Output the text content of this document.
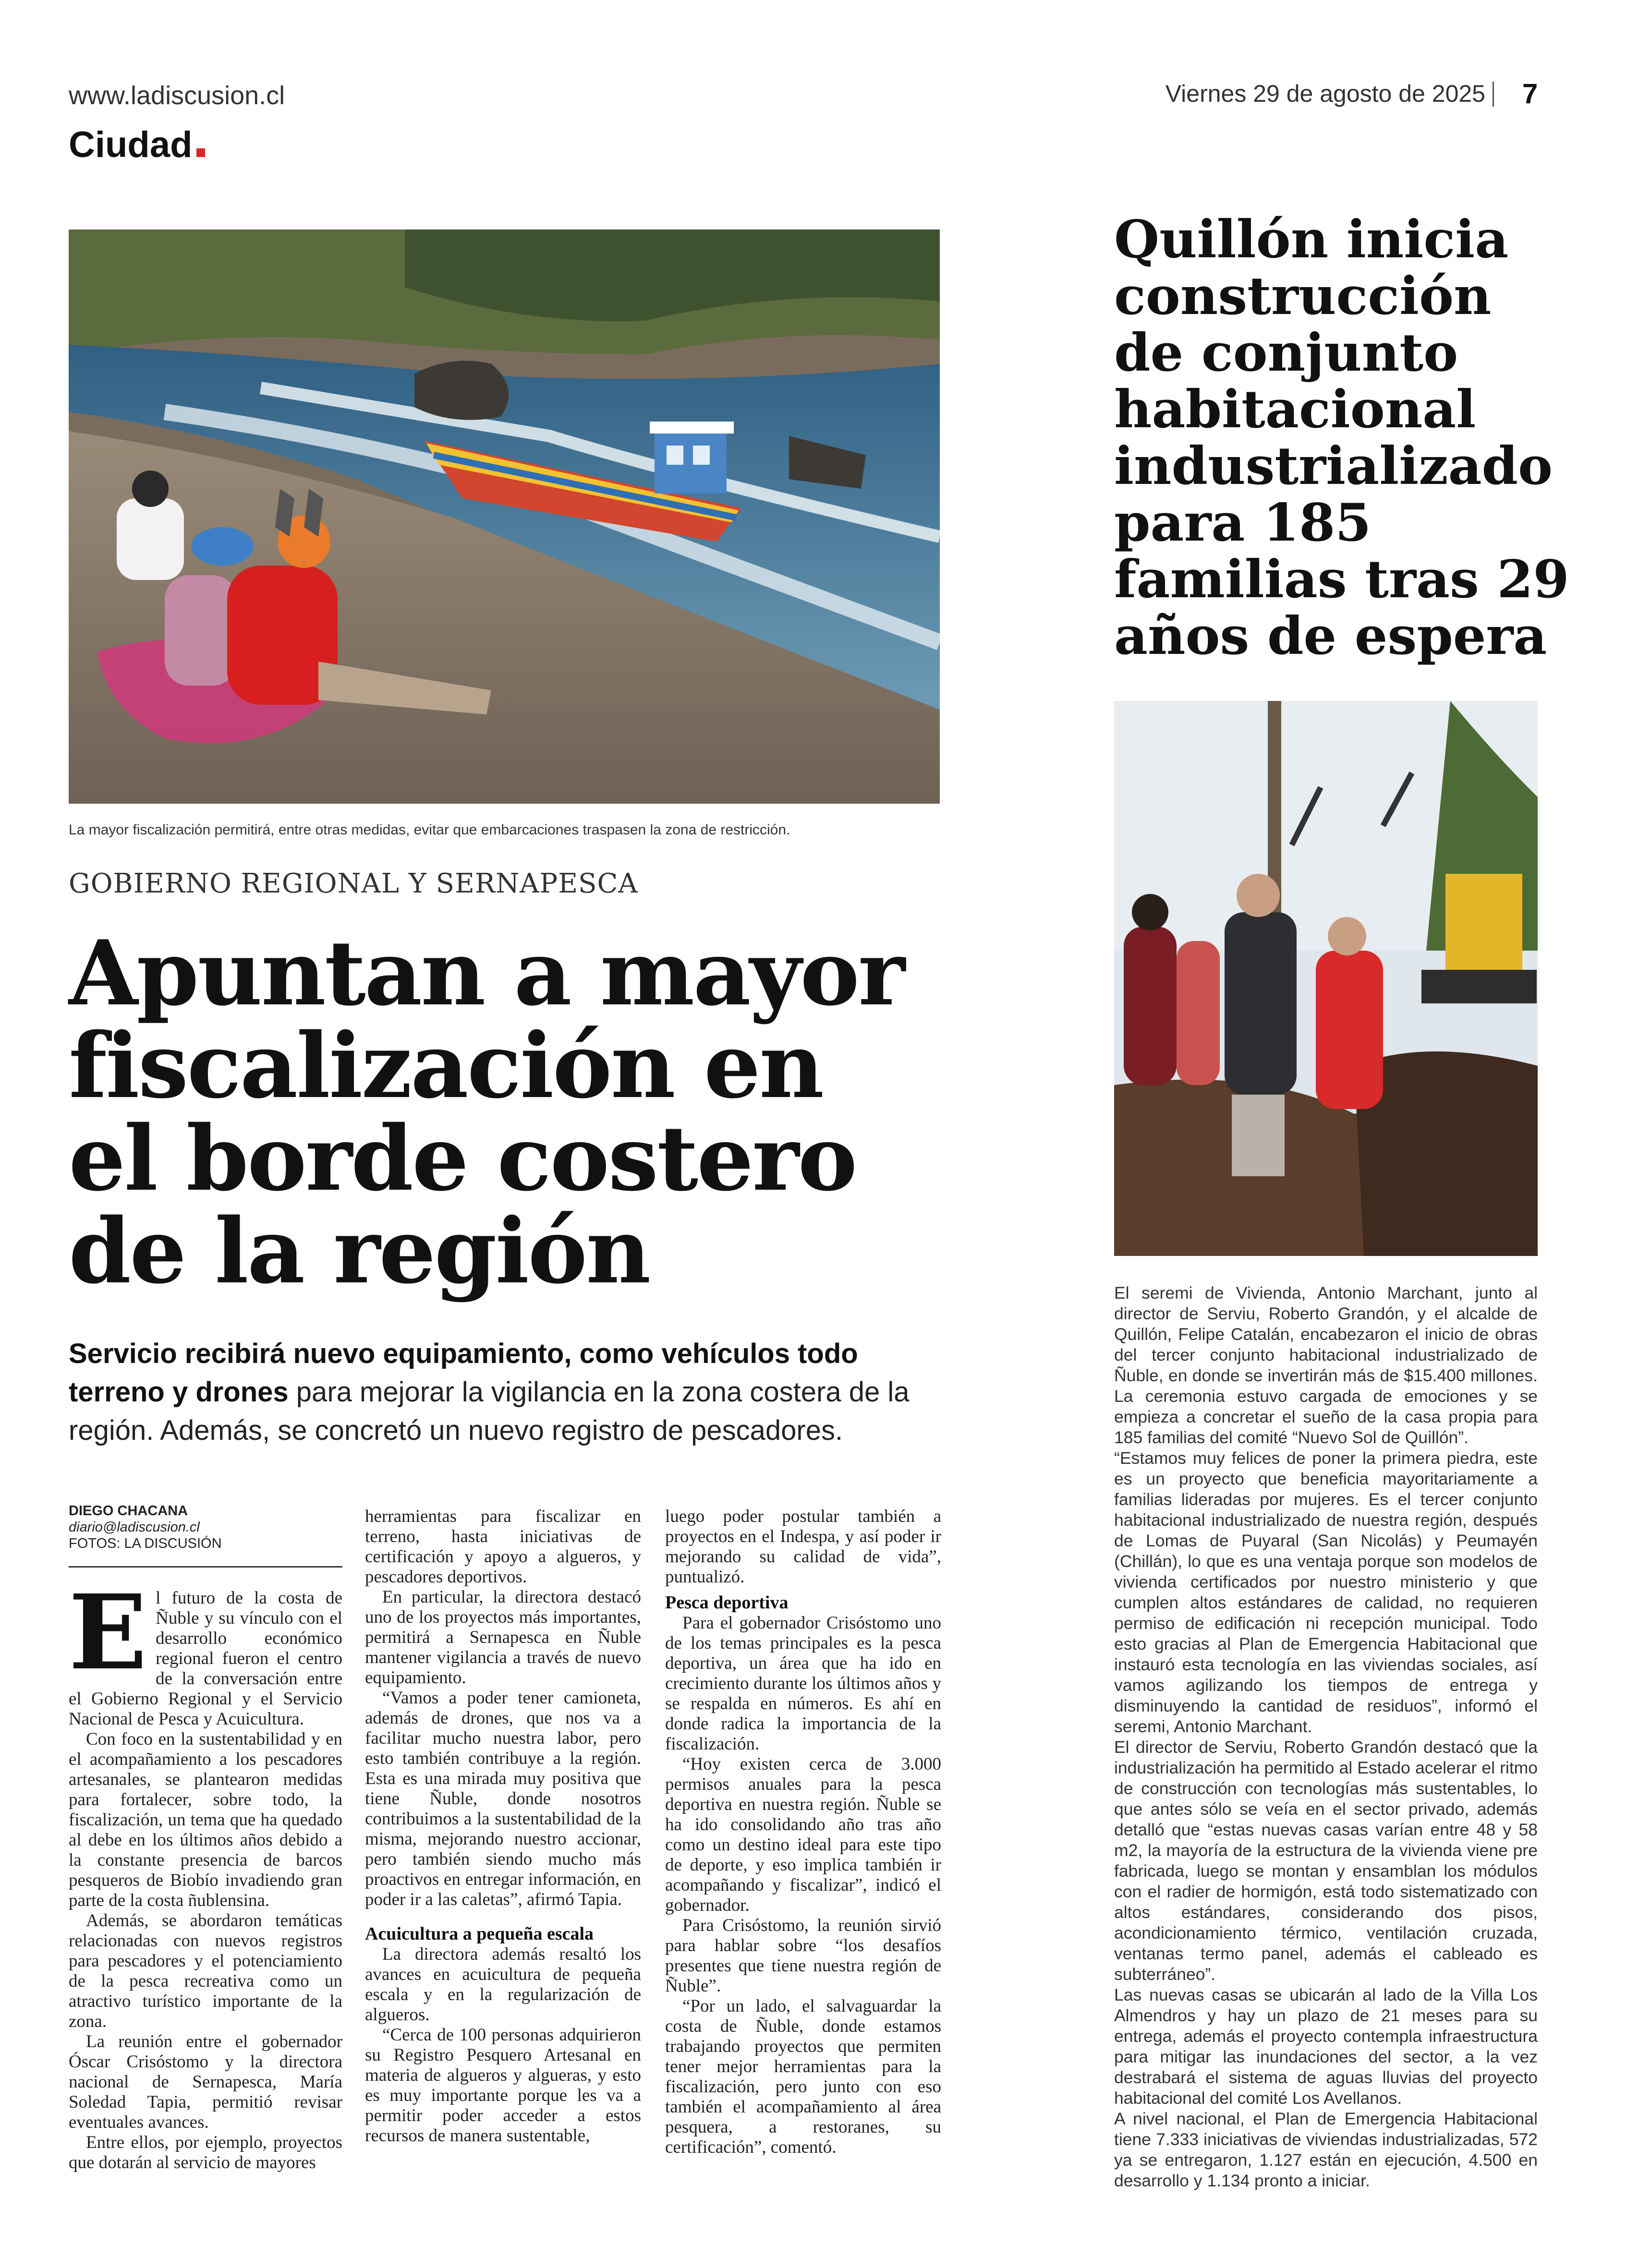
www.ladiscusion.cl
Ciudad
Viernes 29 de agosto de 2025 7
La mayor fiscalización permitirá, entre otras medidas, evitar que embarcaciones traspasen la zona de restricción.
GOBIERNO REGIONAL Y SERNAPESCA
Apuntan a mayor
fiscalización en
el borde costero
de la región
Servicio recibirá nuevo equipamiento, como vehículos todo terreno y drones para mejorar la vigilancia en la zona costera de la región. Además, se concretó un nuevo registro de pescadores.
DIEGO CHACANA
diario@ladiscusion.cl
FOTOS: LA DISCUSIÓN

El futuro de la costa de Ñuble y su vínculo con el desarrollo económico regional fueron el centro de la conversación entre el Gobierno Regional y el Servicio Nacional de Pesca y Acuicultura.

Con foco en la sustentabilidad y en el acompañamiento a los pescadores artesanales, se plantearon medidas para fortalecer, sobre todo, la fiscalización, un tema que ha quedado al debe en los últimos años debido a la constante presencia de barcos pesqueros de Biobío invadiendo gran parte de la costa ñublensina.

Además, se abordaron temáticas relacionadas con nuevos registros para pescadores y el potenciamiento de la pesca recreativa como un atractivo turístico importante de la zona.

La reunión entre el gobernador Óscar Crisóstomo y la directora nacional de Sernapesca, María Soledad Tapia, permitió revisar eventuales avances.

Entre ellos, por ejemplo, proyectos que dotarán al servicio de mayores

herramientas para fiscalizar en terreno, hasta iniciativas de certificación y apoyo a algueros, y pescadores deportivos.

En particular, la directora destacó uno de los proyectos más importantes, permitirá a Sernapesca en Ñuble mantener vigilancia a través de nuevo equipamiento.

“Vamos a poder tener camioneta, además de drones, que nos va a facilitar mucho nuestra labor, pero esto también contribuye a la región. Esta es una mirada muy positiva que tiene Ñuble, donde nosotros contribuimos a la sustentabilidad de la misma, mejorando nuestro accionar, pero también siendo mucho más proactivos en entregar información, en poder ir a las caletas”, afirmó Tapia.

Acuicultura a pequeña escala

La directora además resaltó los avances en acuicultura de pequeña escala y en la regularización de algueros.

“Cerca de 100 personas adquirieron su Registro Pesquero Artesanal en materia de algueros y algueras, y esto es muy importante porque les va a permitir poder acceder a estos recursos de manera sustentable,

luego poder postular también a proyectos en el Indespa, y así poder ir mejorando su calidad de vida”, puntualizó.

Pesca deportiva

Para el gobernador Crisóstomo uno de los temas principales es la pesca deportiva, un área que ha ido en crecimiento durante los últimos años y se respalda en números. Es ahí en donde radica la importancia de la fiscalización.

“Hoy existen cerca de 3.000 permisos anuales para la pesca deportiva en nuestra región. Ñuble se ha ido consolidando año tras año como un destino ideal para este tipo de deporte, y eso implica también ir acompañando y fiscalizar”, indicó el gobernador.

Para Crisóstomo, la reunión sirvió para hablar sobre “los desafíos presentes que tiene nuestra región de Ñuble”.

“Por un lado, el salvaguardar la costa de Ñuble, donde estamos trabajando proyectos que permiten tener mejor herramientas para la fiscalización, pero junto con eso también el acompañamiento al área pesquera, a restoranes, su certificación”, comentó.

Quillón inicia
construcción
de conjunto
habitacional
industrializado
para 185
familias tras 29
años de espera

El seremi de Vivienda, Antonio Marchant, junto al director de Serviu, Roberto Grandón, y el alcalde de Quillón, Felipe Catalán, encabezaron el inicio de obras del tercer conjunto habitacional industrializado de Ñuble, en donde se invertirán más de $15.400 millones. La ceremonia estuvo cargada de emociones y se empieza a concretar el sueño de la casa propia para 185 familias del comité “Nuevo Sol de Quillón”.

“Estamos muy felices de poner la primera piedra, este es un proyecto que beneficia mayoritariamente a familias lideradas por mujeres. Es el tercer conjunto habitacional industrializado de nuestra región, después de Lomas de Puyaral (San Nicolás) y Peumayén (Chillán), lo que es una ventaja porque son modelos de vivienda certificados por nuestro ministerio y que cumplen altos estándares de calidad, no requieren permiso de edificación ni recepción municipal. Todo esto gracias al Plan de Emergencia Habitacional que instauró esta tecnología en las viviendas sociales, así vamos agilizando los tiempos de entrega y disminuyendo la cantidad de residuos”, informó el seremi, Antonio Marchant.

El director de Serviu, Roberto Grandón destacó que la industrialización ha permitido al Estado acelerar el ritmo de construcción con tecnologías más sustentables, lo que antes sólo se veía en el sector privado, además detalló que “estas nuevas casas varían entre 48 y 58 m2, la mayoría de la estructura de la vivienda viene pre fabricada, luego se montan y ensamblan los módulos con el radier de hormigón, está todo sistematizado con altos estándares, considerando dos pisos, acondicionamiento térmico, ventilación cruzada, ventanas termo panel, además el cableado es subterráneo”.

Las nuevas casas se ubicarán al lado de la Villa Los Almendros y hay un plazo de 21 meses para su entrega, además el proyecto contempla infraestructura para mitigar las inundaciones del sector, a la vez destrabará el sistema de aguas lluvias del proyecto habitacional del comité Los Avellanos.

A nivel nacional, el Plan de Emergencia Habitacional tiene 7.333 iniciativas de viviendas industrializadas, 572 ya se entregaron, 1.127 están en ejecución, 4.500 en desarrollo y 1.134 pronto a iniciar.
